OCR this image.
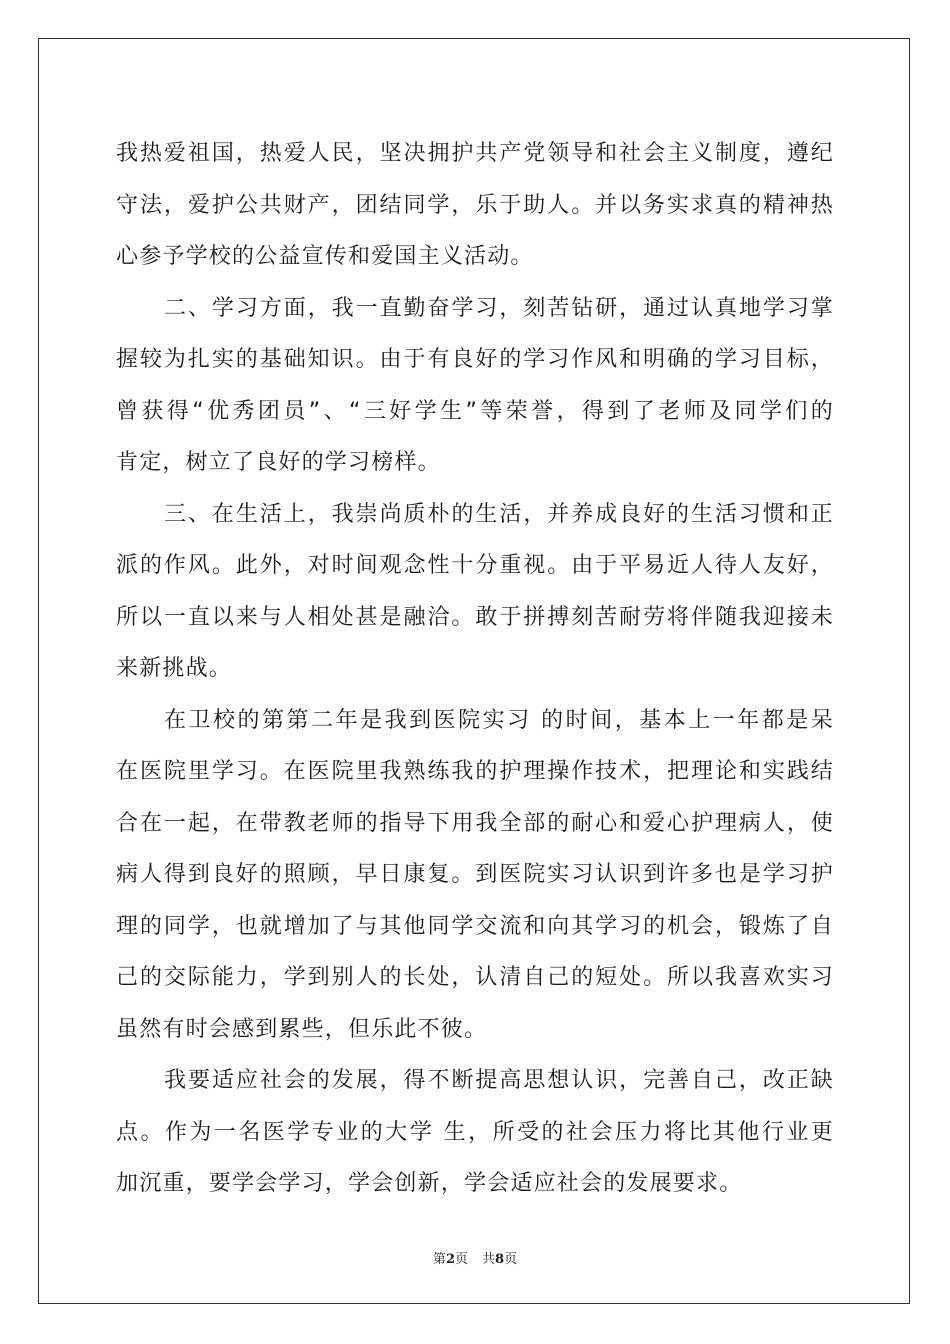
我热爱祖国，热爱人民，坚决拥护共产党领导和社会主义制度，遵纪
守法，爱护公共财产，团结同学，乐于助人。并以务实求真的精神热
心参予学校的公益宣传和爱国主义活动。
二、学习方面，我一直勤奋学习，刻苦钻研，通过认真地学习掌
握较为扎实的基础知识。由于有良好的学习作风和明确的学习目标，
曾获得“优秀团员”、“三好学生”等荣誉，得到了老师及同学们的
肯定，树立了良好的学习榜样。
三、在生活上，我崇尚质朴的生活，并养成良好的生活习惯和正
派的作风。此外，对时间观念性十分重视。由于平易近人待人友好，
所以一直以来与人相处甚是融洽。敢于拼搏刻苦耐劳将伴随我迎接未
来新挑战。
在卫校的第第二年是我到医院实习 的时间，基本上一年都是呆
在医院里学习。在医院里我熟练我的护理操作技术，把理论和实践结
合在一起，在带教老师的指导下用我全部的耐心和爱心护理病人，使
病人得到良好的照顾，早日康复。到医院实习认识到许多也是学习护
理的同学，也就增加了与其他同学交流和向其学习的机会，锻炼了自
己的交际能力，学到别人的长处，认清自己的短处。所以我喜欢实习
虽然有时会感到累些，但乐此不彼。
我要适应社会的发展，得不断提高思想认识，完善自己，改正缺
点。作为一名医学专业的大学 生，所受的社会压力将比其他行业更
加沉重，要学会学习，学会创新，学会适应社会的发展要求。
第2页 共8页
